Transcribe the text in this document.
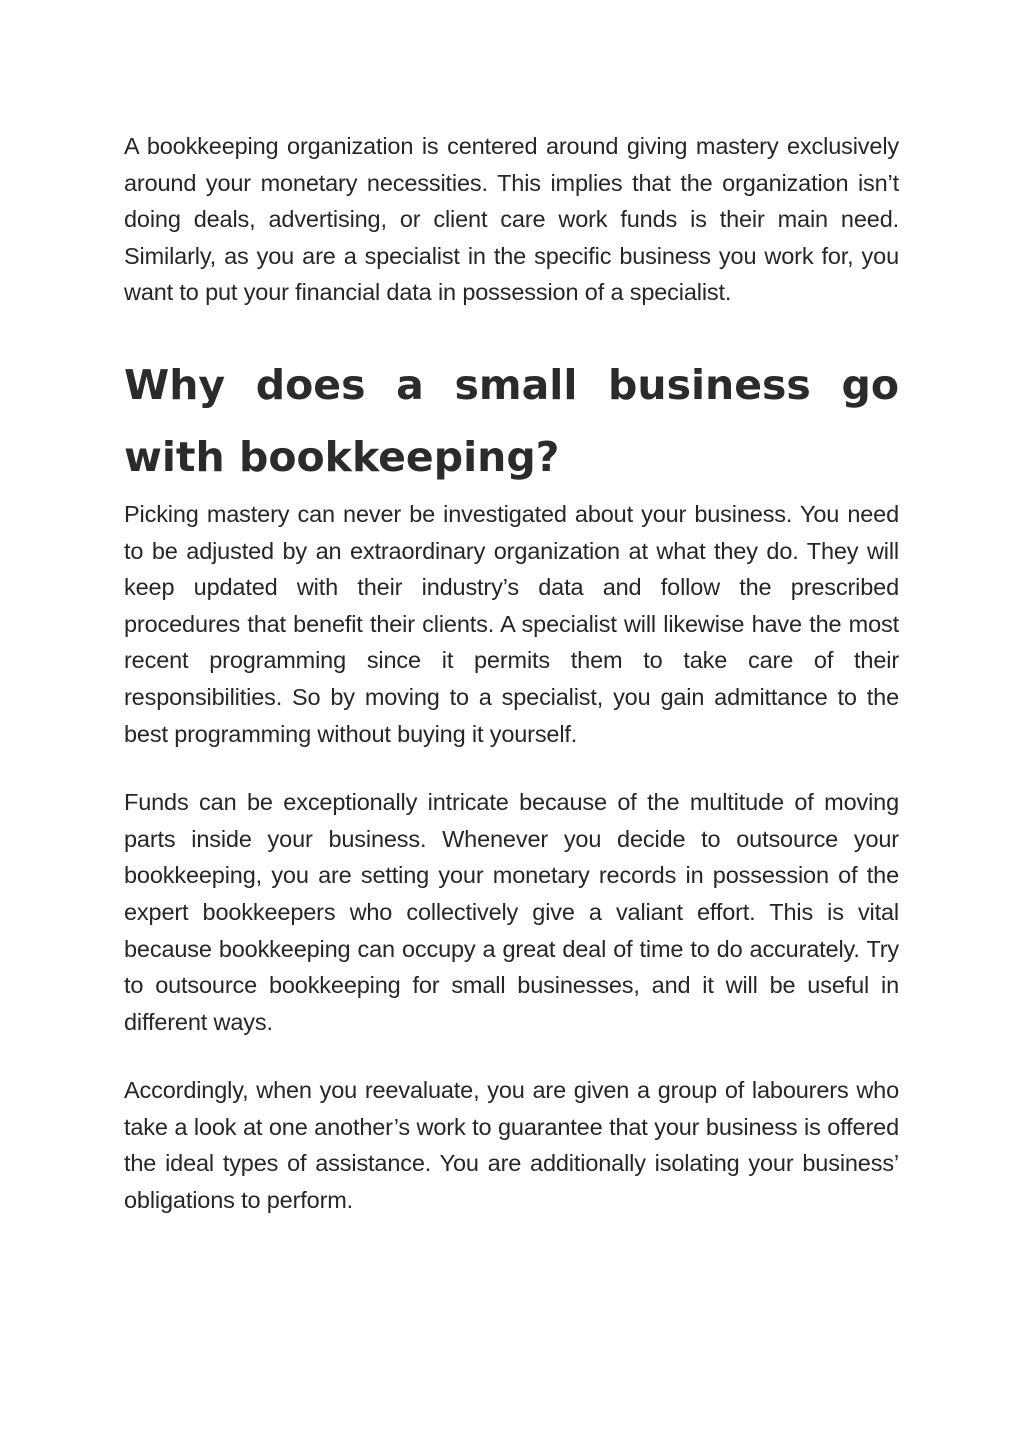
A bookkeeping organization is centered around giving mastery exclusively around your monetary necessities. This implies that the organization isn’t doing deals, advertising, or client care work funds is their main need. Similarly, as you are a specialist in the specific business you work for, you want to put your financial data in possession of a specialist.

Why does a small business go with bookkeeping?

Picking mastery can never be investigated about your business. You need to be adjusted by an extraordinary organization at what they do. They will keep updated with their industry’s data and follow the prescribed procedures that benefit their clients. A specialist will likewise have the most recent programming since it permits them to take care of their responsibilities. So by moving to a specialist, you gain admittance to the best programming without buying it yourself.

Funds can be exceptionally intricate because of the multitude of moving parts inside your business. Whenever you decide to outsource your bookkeeping, you are setting your monetary records in possession of the expert bookkeepers who collectively give a valiant effort. This is vital because bookkeeping can occupy a great deal of time to do accurately. Try to outsource bookkeeping for small businesses, and it will be useful in different ways.

Accordingly, when you reevaluate, you are given a group of labourers who take a look at one another’s work to guarantee that your business is offered the ideal types of assistance. You are additionally isolating your business’ obligations to perform.
